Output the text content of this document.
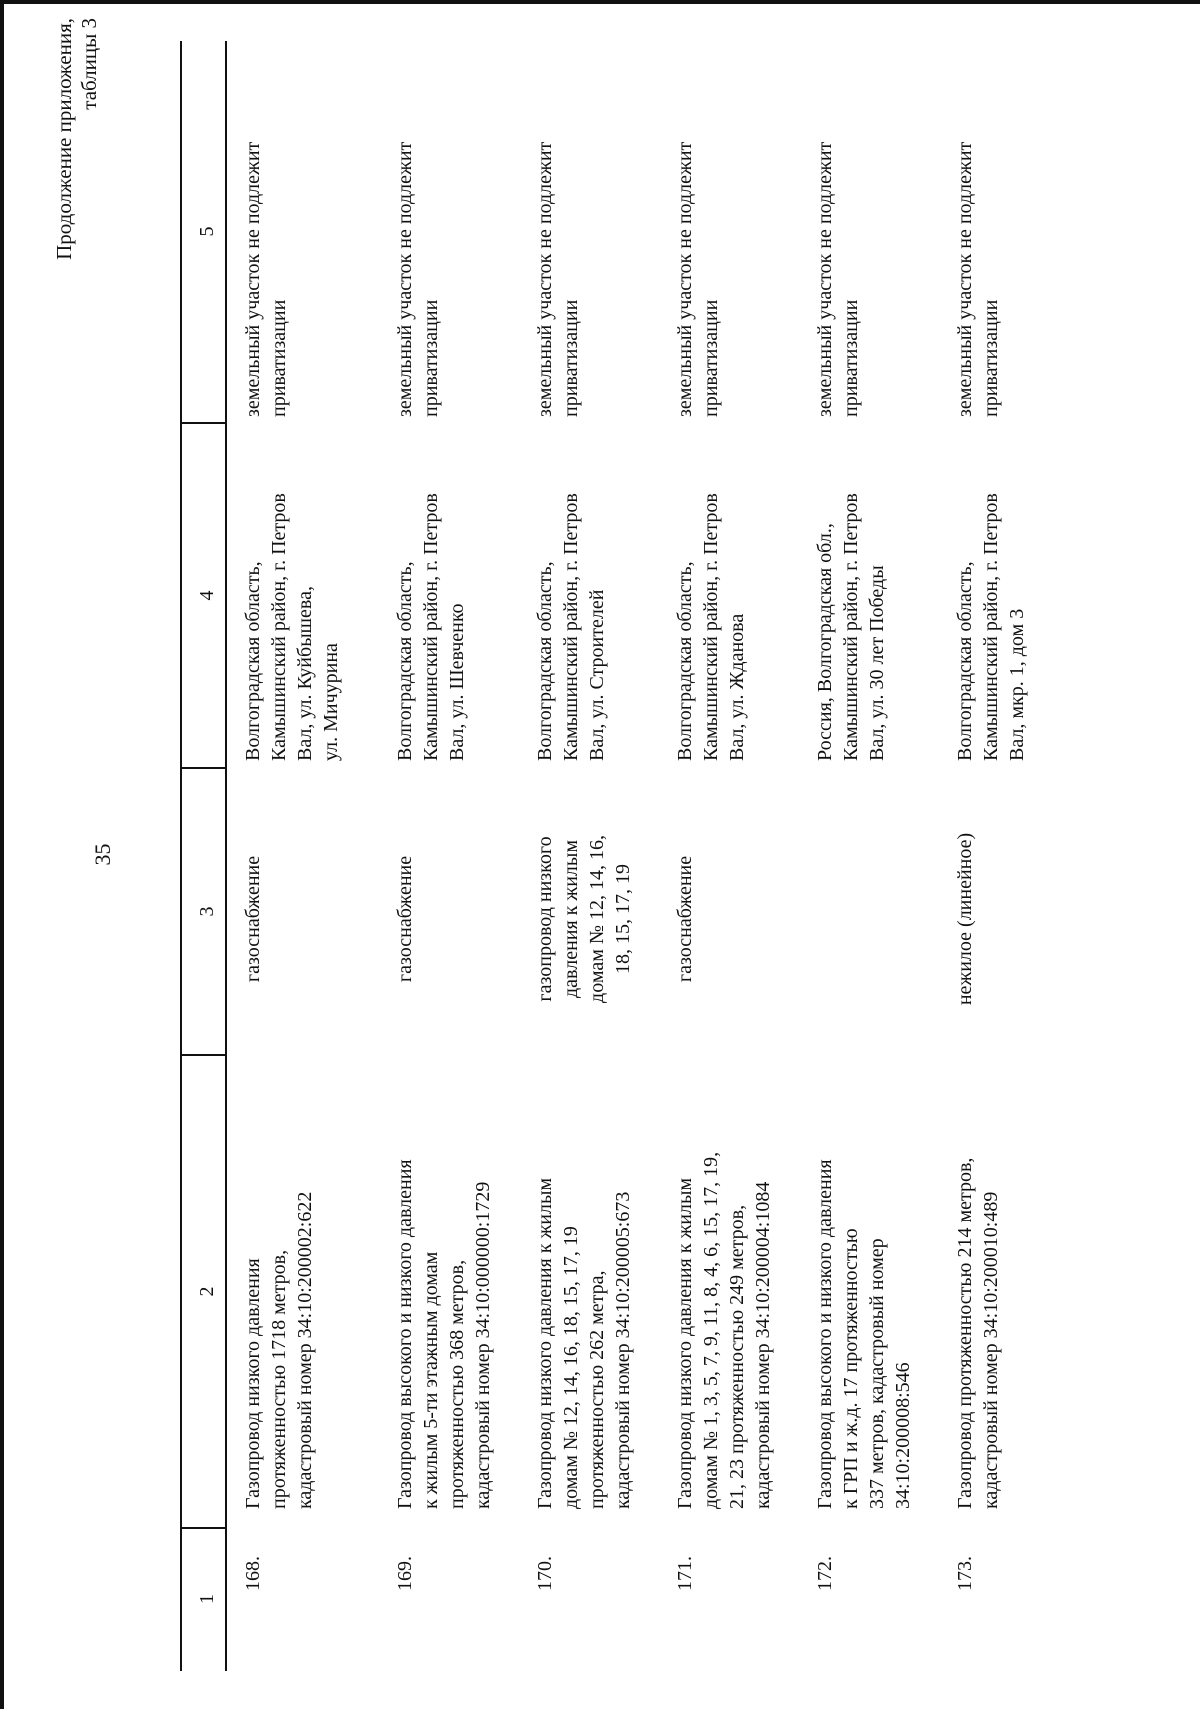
35
Продолжение приложения, таблицы 3
1
2
3
4
5
168.
Газопровод низкого давления
протяженностью 1718 метров,
кадастровый номер 34:10:200002:622
газоснабжение
Волгоградская область,
Камышинский район, г. Петров
Вал, ул. Куйбышева,
ул. Мичурина
земельный участок не подлежит
приватизации
169.
Газопровод высокого и низкого давления
к жилым 5-ти этажным домам
протяженностью 368 метров,
кадастровый номер 34:10:000000:1729
газоснабжение
Волгоградская область,
Камышинский район, г. Петров
Вал, ул. Шевченко
земельный участок не подлежит
приватизации
170.
Газопровод низкого давления к жилым
домам № 12, 14, 16, 18, 15, 17, 19
протяженностью 262 метра,
кадастровый номер 34:10:200005:673
газопровод низкого
давления к жилым
домам № 12, 14, 16,
18, 15, 17, 19
Волгоградская область,
Камышинский район, г. Петров
Вал, ул. Строителей
земельный участок не подлежит
приватизации
171.
Газопровод низкого давления к жилым
домам № 1, 3, 5, 7, 9, 11, 8, 4, 6, 15, 17, 19,
21, 23 протяженностью 249 метров,
кадастровый номер 34:10:200004:1084
газоснабжение
Волгоградская область,
Камышинский район, г. Петров
Вал, ул. Жданова
земельный участок не подлежит
приватизации
172.
Газопровод высокого и низкого давления
к ГРП и ж.д. 17 протяженностью
337 метров, кадастровый номер
34:10:200008:546
Россия, Волгоградская обл.,
Камышинский район, г. Петров
Вал, ул. 30 лет Победы
земельный участок не подлежит
приватизации
173.
Газопровод протяженностью 214 метров,
кадастровый номер 34:10:200010:489
нежилое (линейное)
Волгоградская область,
Камышинский район, г. Петров
Вал, мкр. 1, дом 3
земельный участок не подлежит
приватизации
